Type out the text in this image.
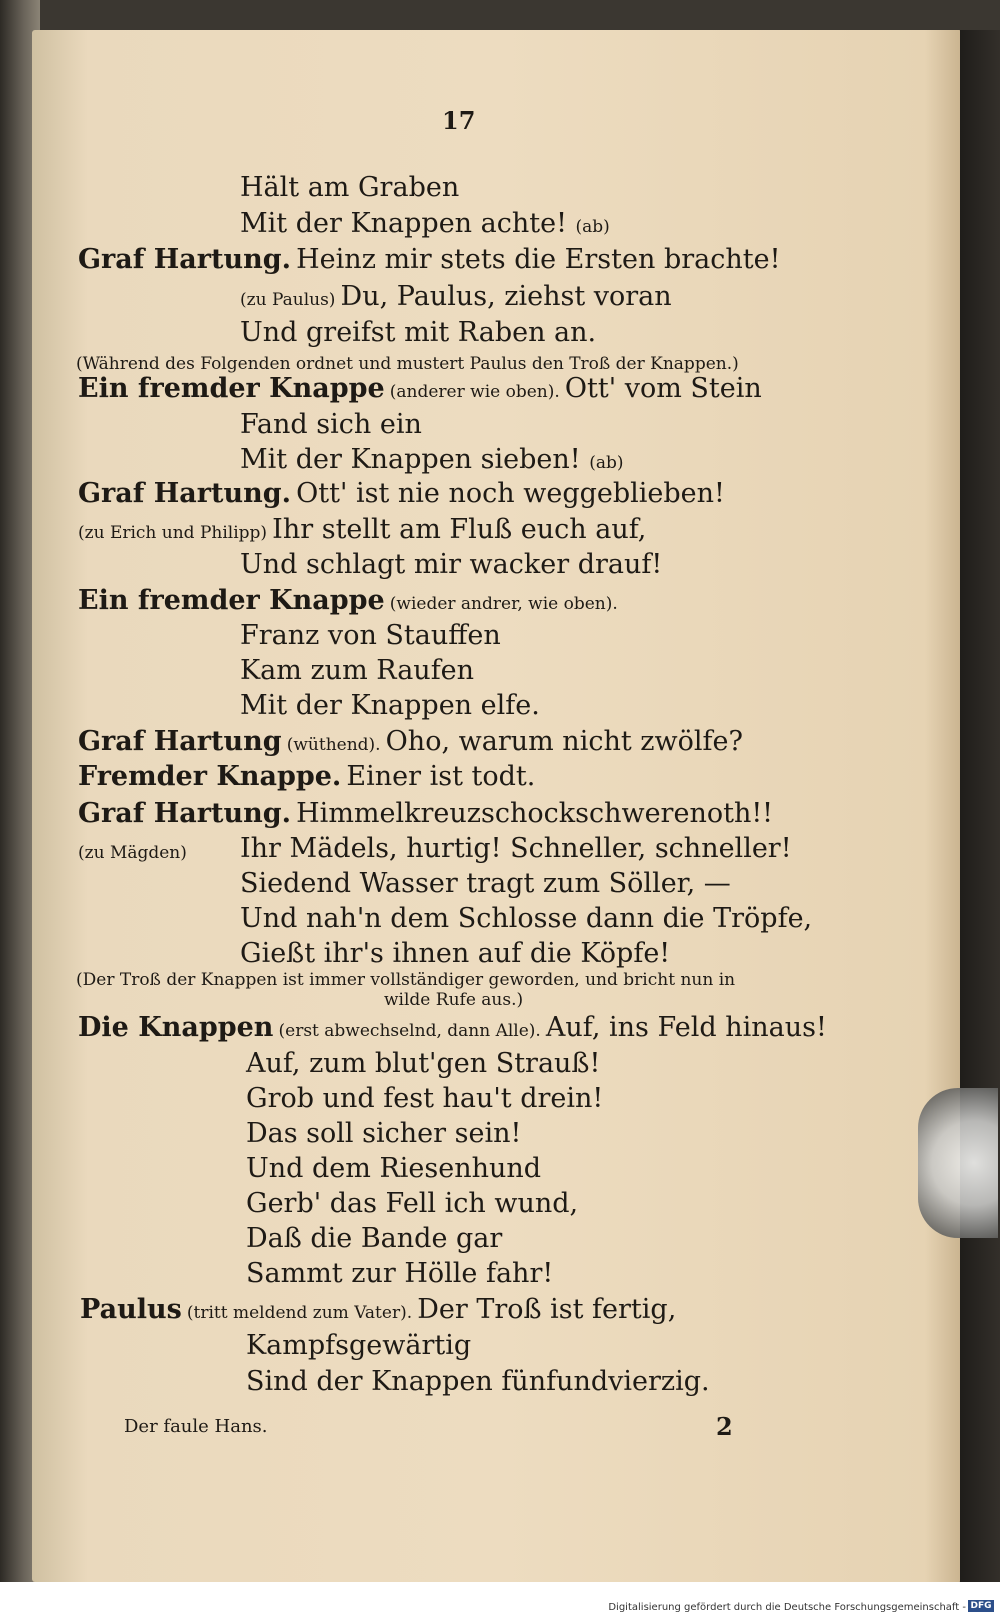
17
Hält am Graben
Mit der Knappen achte! (ab)
Graf Hartung. Heinz mir stets die Ersten brachte!
(zu Paulus) Du, Paulus, ziehst voran
Und greifst mit Raben an.
(Während des Folgenden ordnet und mustert Paulus den Troß der Knappen.)
Ein fremder Knappe (anderer wie oben). Ott' vom Stein
Fand sich ein
Mit der Knappen sieben! (ab)
Graf Hartung. Ott' ist nie noch weggeblieben!
(zu Erich und Philipp) Ihr stellt am Fluß euch auf,
Und schlagt mir wacker drauf!
Ein fremder Knappe (wieder andrer, wie oben).
Franz von Stauffen
Kam zum Raufen
Mit der Knappen elfe.
Graf Hartung (wüthend). Oho, warum nicht zwölfe?
Fremder Knappe. Einer ist todt.
Graf Hartung. Himmelkreuzschockschwerenoth!!
(zu Mägden) Ihr Mädels, hurtig! Schneller, schneller!
Siedend Wasser tragt zum Söller, —
Und nah'n dem Schlosse dann die Tröpfe,
Gießt ihr's ihnen auf die Köpfe!
(Der Troß der Knappen ist immer vollständiger geworden, und bricht nun in
wilde Rufe aus.)
Die Knappen (erst abwechselnd, dann Alle). Auf, ins Feld hinaus!
Auf, zum blut'gen Strauß!
Grob und fest hau't drein!
Das soll sicher sein!
Und dem Riesenhund
Gerb' das Fell ich wund,
Daß die Bande gar
Sammt zur Hölle fahr!
Paulus (tritt meldend zum Vater). Der Troß ist fertig,
Kampfsgewärtig
Sind der Knappen fünfundvierzig.
Der faule Hans.	2
Digitalisierung gefördert durch die Deutsche Forschungsgemeinschaft - DFG
